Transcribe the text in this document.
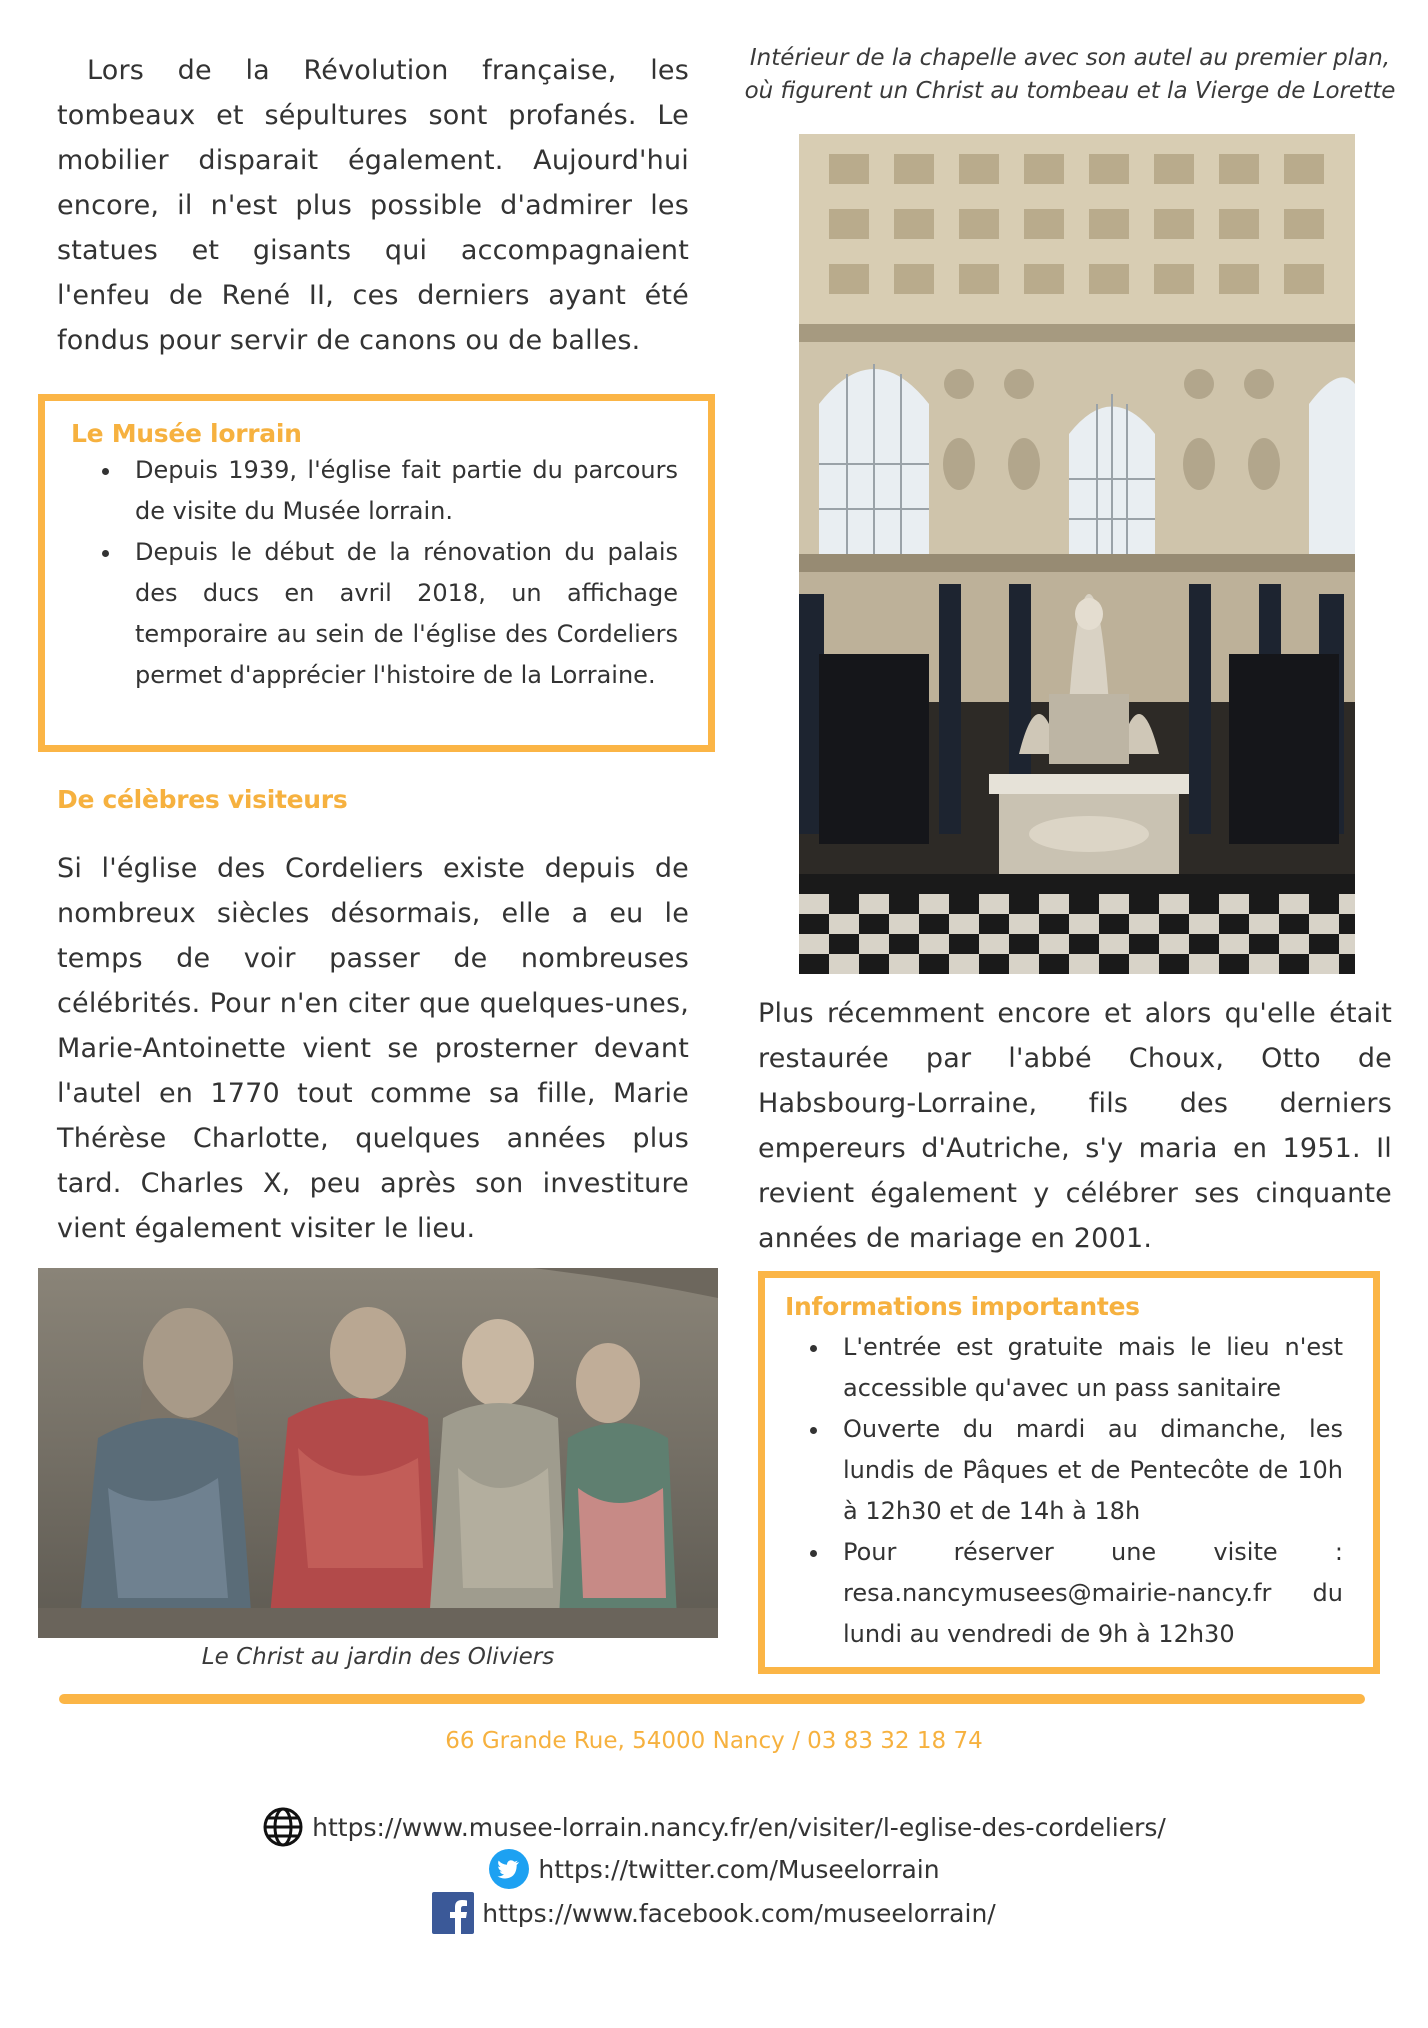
Lors de la Révolution française, les tombeaux et sépultures sont profanés. Le mobilier disparait également. Aujourd'hui encore, il n'est plus possible d'admirer les statues et gisants qui accompagnaient l'enfeu de René II, ces derniers ayant été fondus pour servir de canons ou de balles.

Le Musée lorrain
• Depuis 1939, l'église fait partie du parcours de visite du Musée lorrain.
• Depuis le début de la rénovation du palais des ducs en avril 2018, un affichage temporaire au sein de l'église des Cordeliers permet d'apprécier l'histoire de la Lorraine.
De célèbres visiteurs

Si l'église des Cordeliers existe depuis de nombreux siècles désormais, elle a eu le temps de voir passer de nombreuses célébrités. Pour n'en citer que quelques-unes, Marie-Antoinette vient se prosterner devant l'autel en 1770 tout comme sa fille, Marie Thérèse Charlotte, quelques années plus tard. Charles X, peu après son investiture vient également visiter le lieu.

Le Christ au jardin des Oliviers
Intérieur de la chapelle avec son autel au premier plan,
où figurent un Christ au tombeau et la Vierge de Lorette

Plus récemment encore et alors qu'elle était restaurée par l'abbé Choux, Otto de Habsbourg-Lorraine, fils des derniers empereurs d'Autriche, s'y maria en 1951. Il revient également y célébrer ses cinquante années de mariage en 2001.

Informations importantes
• L'entrée est gratuite mais le lieu n'est accessible qu'avec un pass sanitaire
• Ouverte du mardi au dimanche, les lundis de Pâques et de Pentecôte de 10h à 12h30 et de 14h à 18h
• Pour réserver une visite : resa.nancymusees@mairie-nancy.fr du lundi au vendredi de 9h à 12h30
66 Grande Rue, 54000 Nancy / 03 83 32 18 74
https://www.musee-lorrain.nancy.fr/en/visiter/l-eglise-des-cordeliers/
https://twitter.com/Museelorrain
https://www.facebook.com/museelorrain/
